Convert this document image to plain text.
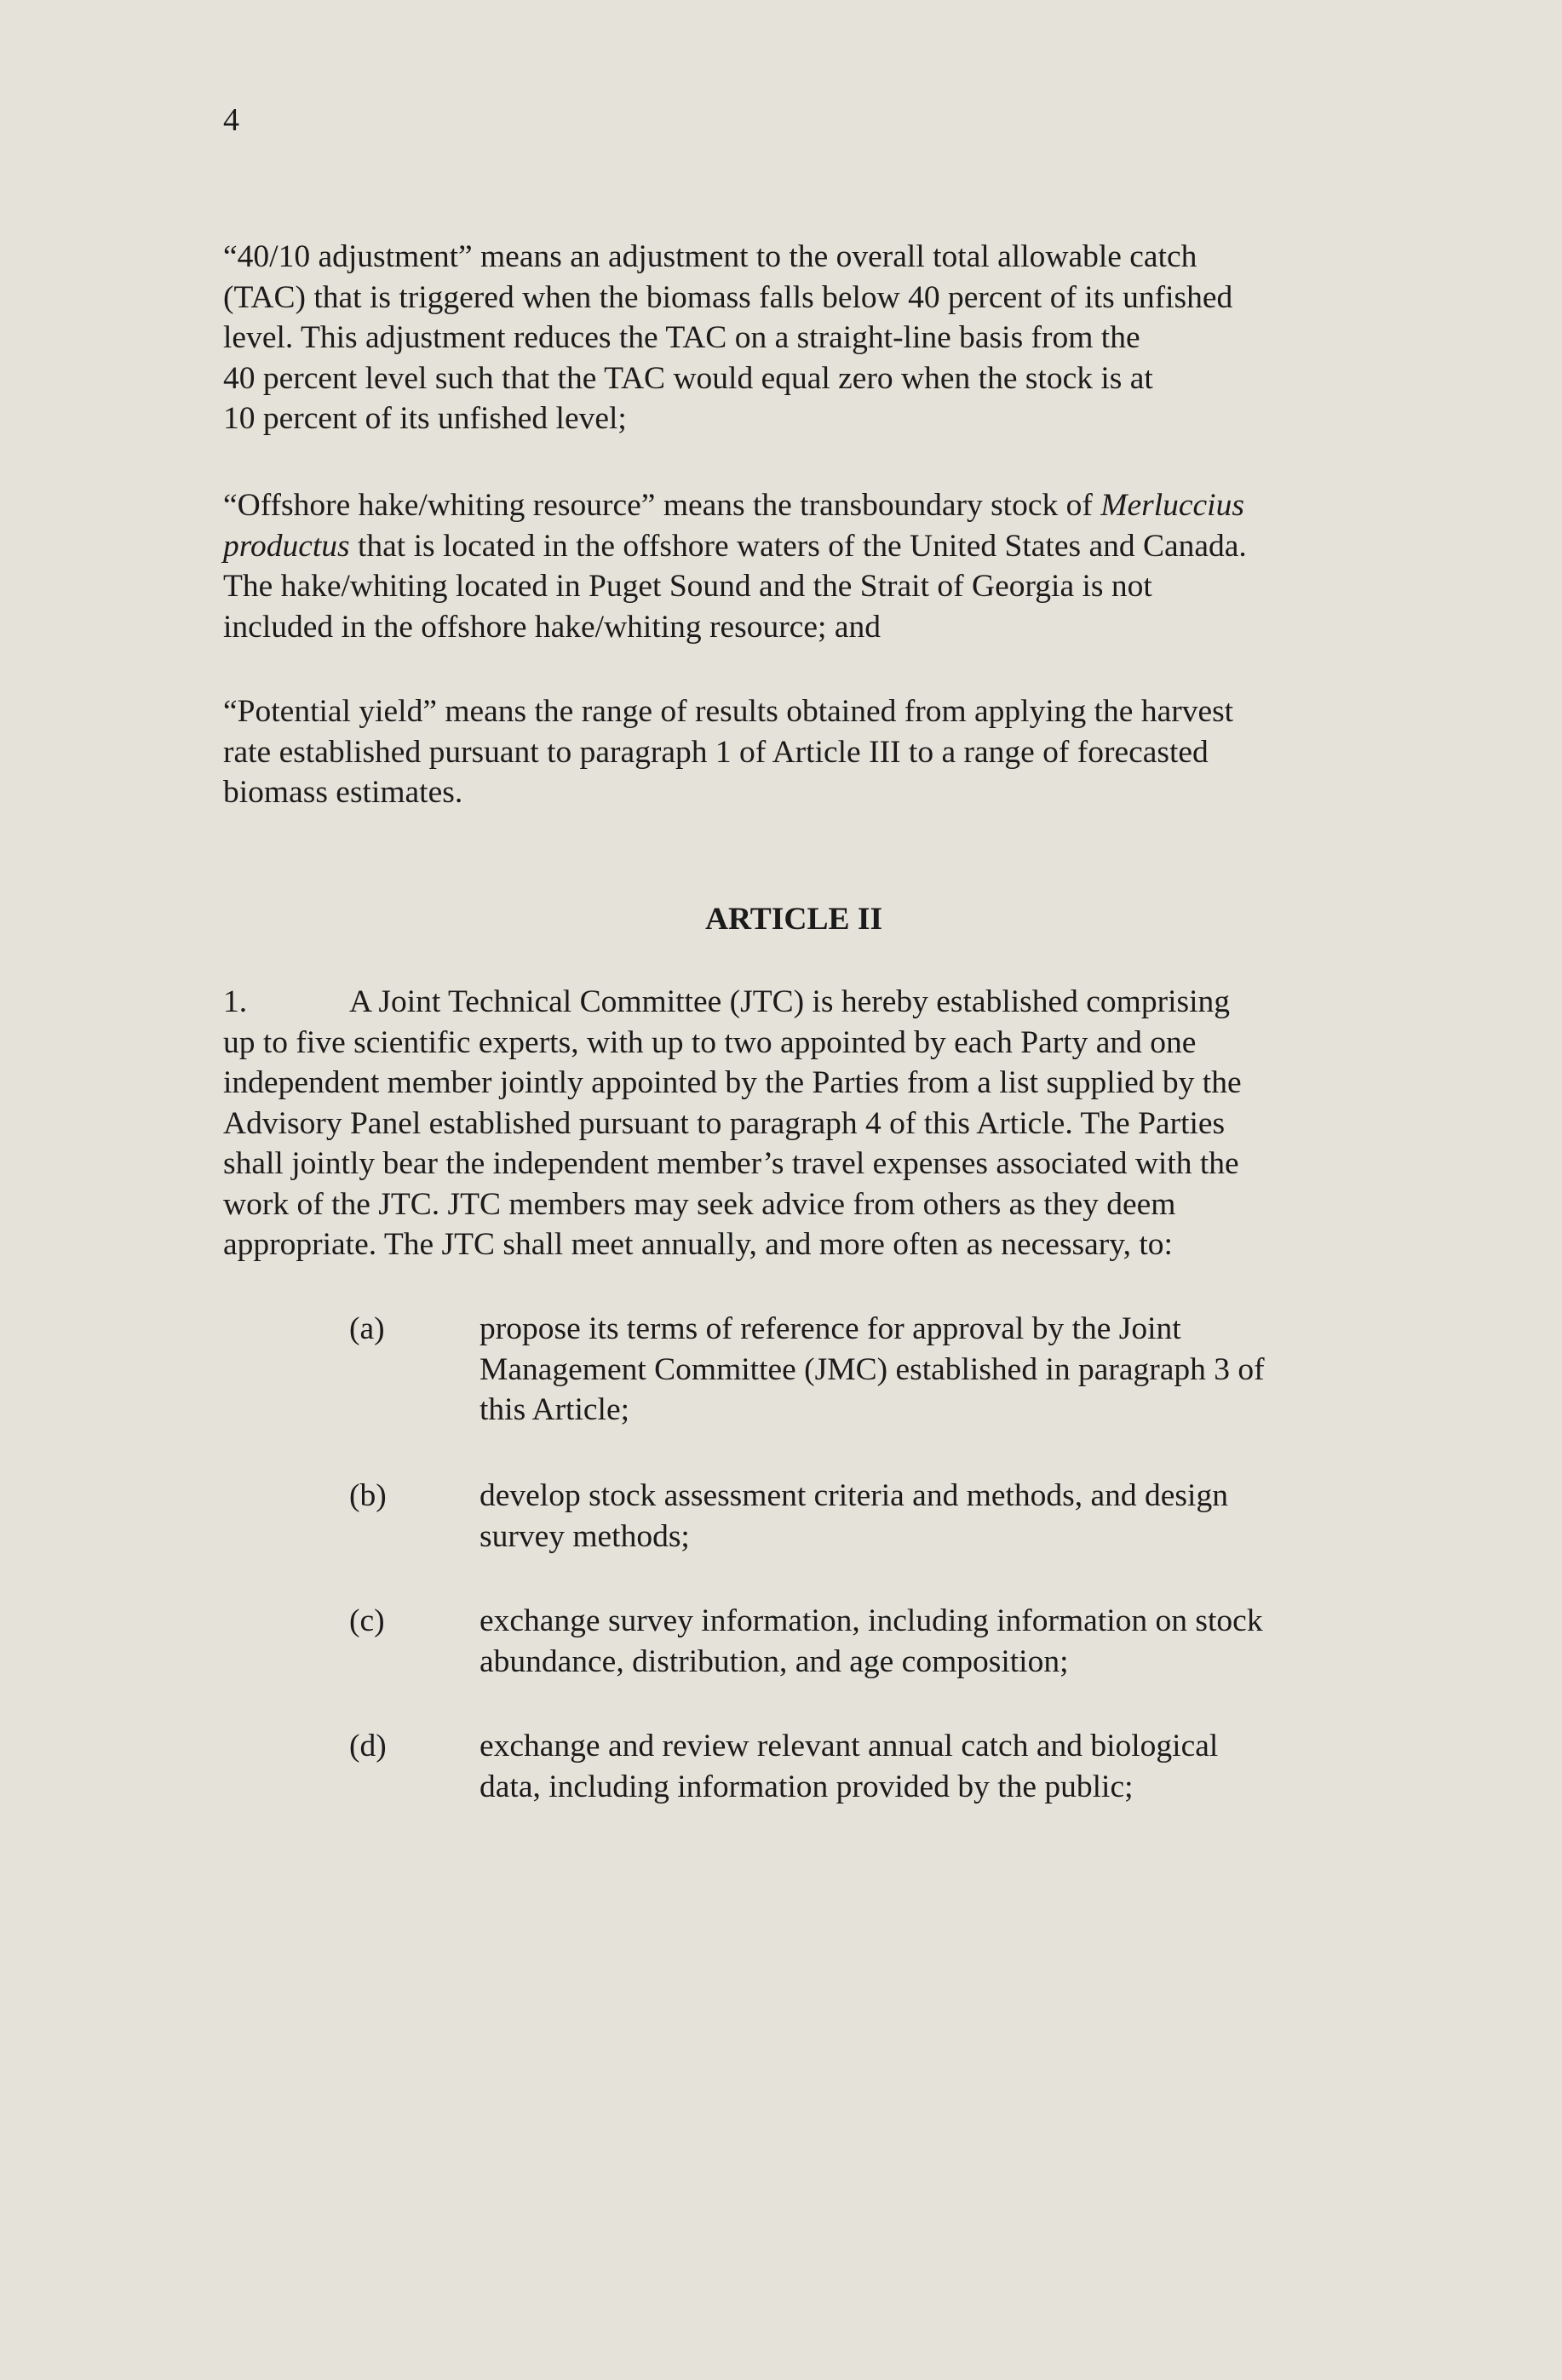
4
“40/10 adjustment” means an adjustment to the overall total allowable catch
(TAC) that is triggered when the biomass falls below 40 percent of its unfished
level. This adjustment reduces the TAC on a straight-line basis from the
40 percent level such that the TAC would equal zero when the stock is at
10 percent of its unfished level;
“Offshore hake/whiting resource” means the transboundary stock of Merluccius
productus that is located in the offshore waters of the United States and Canada.
The hake/whiting located in Puget Sound and the Strait of Georgia is not
included in the offshore hake/whiting resource; and
“Potential yield” means the range of results obtained from applying the harvest
rate established pursuant to paragraph 1 of Article III to a range of forecasted
biomass estimates.
ARTICLE II
1.	A Joint Technical Committee (JTC) is hereby established comprising
up to five scientific experts, with up to two appointed by each Party and one
independent member jointly appointed by the Parties from a list supplied by the
Advisory Panel established pursuant to paragraph 4 of this Article. The Parties
shall jointly bear the independent member’s travel expenses associated with the
work of the JTC. JTC members may seek advice from others as they deem
appropriate. The JTC shall meet annually, and more often as necessary, to:
(a)	propose its terms of reference for approval by the Joint
Management Committee (JMC) established in paragraph 3 of
this Article;
(b)	develop stock assessment criteria and methods, and design
survey methods;
(c)	exchange survey information, including information on stock
abundance, distribution, and age composition;
(d)	exchange and review relevant annual catch and biological
data, including information provided by the public;
